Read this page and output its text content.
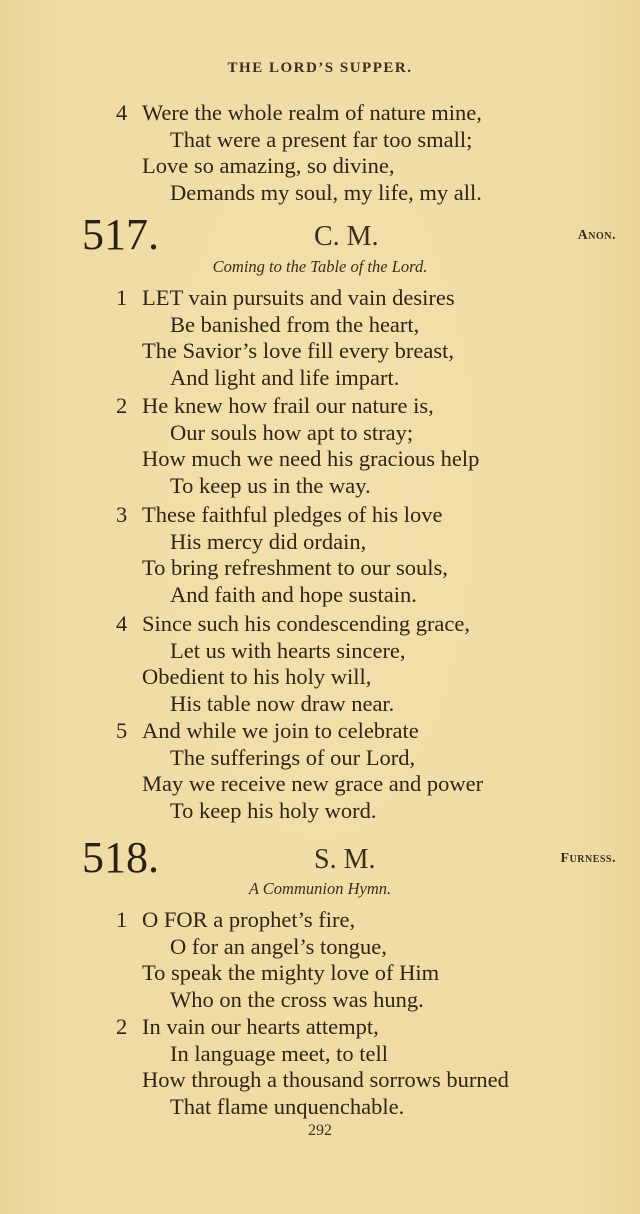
THE LORD’S SUPPER.
4 Were the whole realm of nature mine,
That were a present far too small;
Love so amazing, so divine,
Demands my soul, my life, my all.
517.	C. M.	Anon.
Coming to the Table of the Lord.
1 LET vain pursuits and vain desires
Be banished from the heart,
The Savior’s love fill every breast,
And light and life impart.
2 He knew how frail our nature is,
Our souls how apt to stray;
How much we need his gracious help
To keep us in the way.
3 These faithful pledges of his love
His mercy did ordain,
To bring refreshment to our souls,
And faith and hope sustain.
4 Since such his condescending grace,
Let us with hearts sincere,
Obedient to his holy will,
His table now draw near.
5 And while we join to celebrate
The sufferings of our Lord,
May we receive new grace and power
To keep his holy word.
518.	S. M.	Furness.
A Communion Hymn.
1 O FOR a prophet’s fire,
O for an angel’s tongue,
To speak the mighty love of Him
Who on the cross was hung.
2 In vain our hearts attempt,
In language meet, to tell
How through a thousand sorrows burned
That flame unquenchable.
292
